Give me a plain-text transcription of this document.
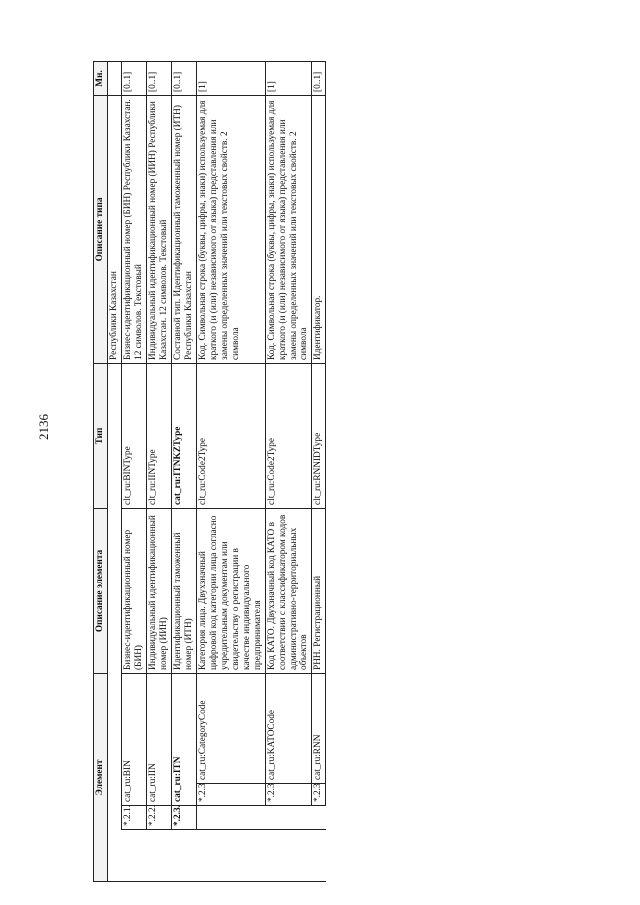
2136
Элемент				Описание элемента	Тип	Описание типа	Мн.
						Республики Казахстан	
	*.2.1.	cat_ru:BIN		Бизнес-идентификационный номер (БИН)	clt_ru:BINType	Бизнес-идентификационный номер (БИН) Республики Казахстан. 12 символов. Текстовый	[0..1]
	*.2.2.	cat_ru:IIN		Индивидуальный идентификационный номер (ИИН)	clt_ru:IINType	Индивидуальный идентификационный номер (ИИН) Республики Казахстан. 12 символов. Текстовый	[0..1]
	*.2.3.	cat_ru:ITN		Идентификационный таможенный номер (ИТН)	cat_ru:ITNKZType	Составной тип. Идентификационный таможенный номер (ИТН) Республики Казахстан	[0..1]
		*.2.3	cat_ru:CategoryCode	Категория лица. Двухзначный цифровой код категории лица согласно учредительным документам или свидетельству о регистрации в качестве индивидуального предпринимателя	clt_ru:Code2Type	Код. Символьная строка (буквы, цифры, знаки) используемая для краткого (и (или) независимого от языка) представления или замены определенных значений или текстовых свойств. 2 символа	[1]
		*.2.3	cat_ru:KATOCode	Код КАТО. Двухзначный код КАТО в соответствии с классификатором кодов административно-территориальных объектов	clt_ru:Code2Type	Код. Символьная строка (буквы, цифры, знаки) используемая для краткого (и (или) независимого от языка) представления или замены определенных значений или текстовых свойств. 2 символа	[1]
		*.2.3	cat_ru:RNN	РНН. Регистрационный	clt_ru:RNNIDType	Идентификатор.	[0..1]
